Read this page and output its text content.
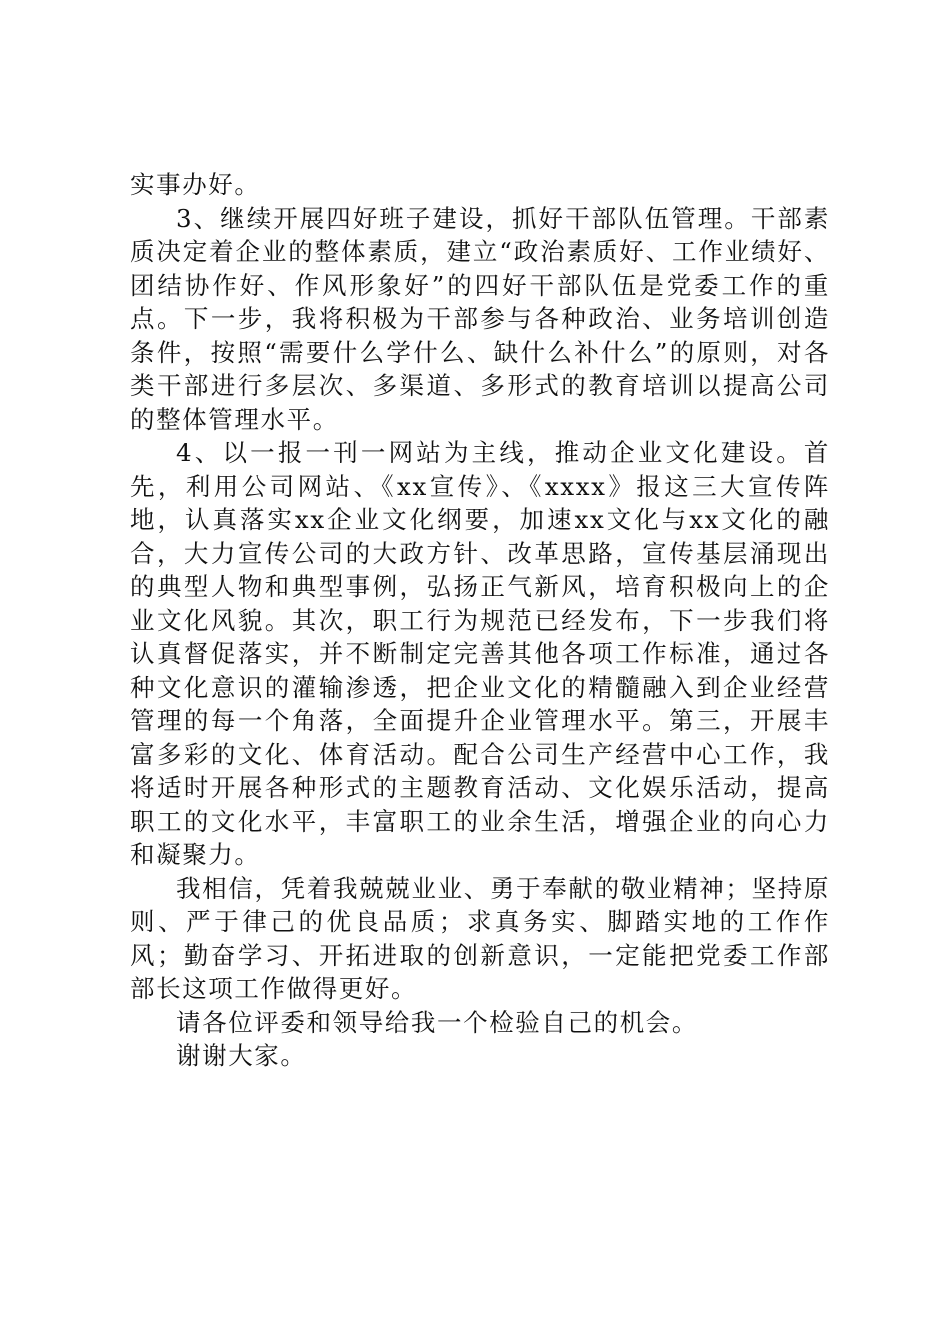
实事办好。

3、继续开展四好班子建设，抓好干部队伍管理。干部素质决定着企业的整体素质，建立“政治素质好、工作业绩好、团结协作好、作风形象好”的四好干部队伍是党委工作的重点。下一步，我将积极为干部参与各种政治、业务培训创造条件，按照“需要什么学什么、缺什么补什么”的原则，对各类干部进行多层次、多渠道、多形式的教育培训以提高公司的整体管理水平。

4、以一报一刊一网站为主线，推动企业文化建设。首先，利用公司网站、《xx宣传》、《xxxx》报这三大宣传阵地，认真落实xx企业文化纲要，加速xx文化与xx文化的融合，大力宣传公司的大政方针、改革思路，宣传基层涌现出的典型人物和典型事例，弘扬正气新风，培育积极向上的企业文化风貌。其次，职工行为规范已经发布，下一步我们将认真督促落实，并不断制定完善其他各项工作标准，通过各种文化意识的灌输渗透，把企业文化的精髓融入到企业经营管理的每一个角落，全面提升企业管理水平。第三，开展丰富多彩的文化、体育活动。配合公司生产经营中心工作，我将适时开展各种形式的主题教育活动、文化娱乐活动，提高职工的文化水平，丰富职工的业余生活，增强企业的向心力和凝聚力。

我相信，凭着我兢兢业业、勇于奉献的敬业精神；坚持原则、严于律己的优良品质；求真务实、脚踏实地的工作作风；勤奋学习、开拓进取的创新意识，一定能把党委工作部部长这项工作做得更好。

请各位评委和领导给我一个检验自己的机会。

谢谢大家。
